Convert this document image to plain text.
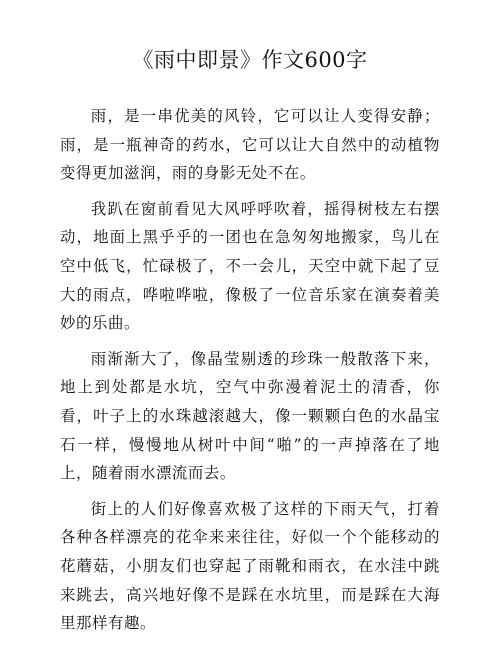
《雨中即景》作文600字

雨，是一串优美的风铃，它可以让人变得安静；雨，是一瓶神奇的药水，它可以让大自然中的动植物变得更加滋润，雨的身影无处不在。

我趴在窗前看见大风呼呼吹着，摇得树枝左右摆动，地面上黑乎乎的一团也在急匆匆地搬家，鸟儿在空中低飞，忙碌极了，不一会儿，天空中就下起了豆大的雨点，哗啦哗啦，像极了一位音乐家在演奏着美妙的乐曲。

雨渐渐大了，像晶莹剔透的珍珠一般散落下来，地上到处都是水坑，空气中弥漫着泥土的清香，你看，叶子上的水珠越滚越大，像一颗颗白色的水晶宝石一样，慢慢地从树叶中间“啪”的一声掉落在了地上，随着雨水漂流而去。

街上的人们好像喜欢极了这样的下雨天气，打着各种各样漂亮的花伞来来往往，好似一个个能移动的花蘑菇，小朋友们也穿起了雨靴和雨衣，在水洼中跳来跳去，高兴地好像不是踩在水坑里，而是踩在大海里那样有趣。
